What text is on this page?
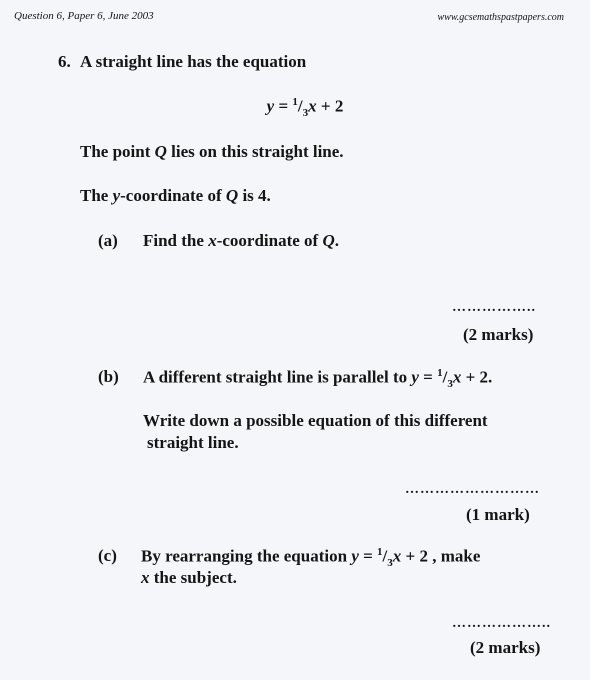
Question 6, Paper 6, June 2003	www.gcsemathspastpapers.com
6. A straight line has the equation
$y = ^1/_3x + 2$
The point Q lies on this straight line.
The y-coordinate of Q is 4.
(a) Find the x-coordinate of Q.
……………..
(2 marks)
(b) A different straight line is parallel to $y = ^1/_3x + 2$.
Write down a possible equation of this different
straight line.
………………………
(1 mark)
(c) By rearranging the equation $y = ^1/_3x + 2$ , make
x the subject.
………………..
(2 marks)
